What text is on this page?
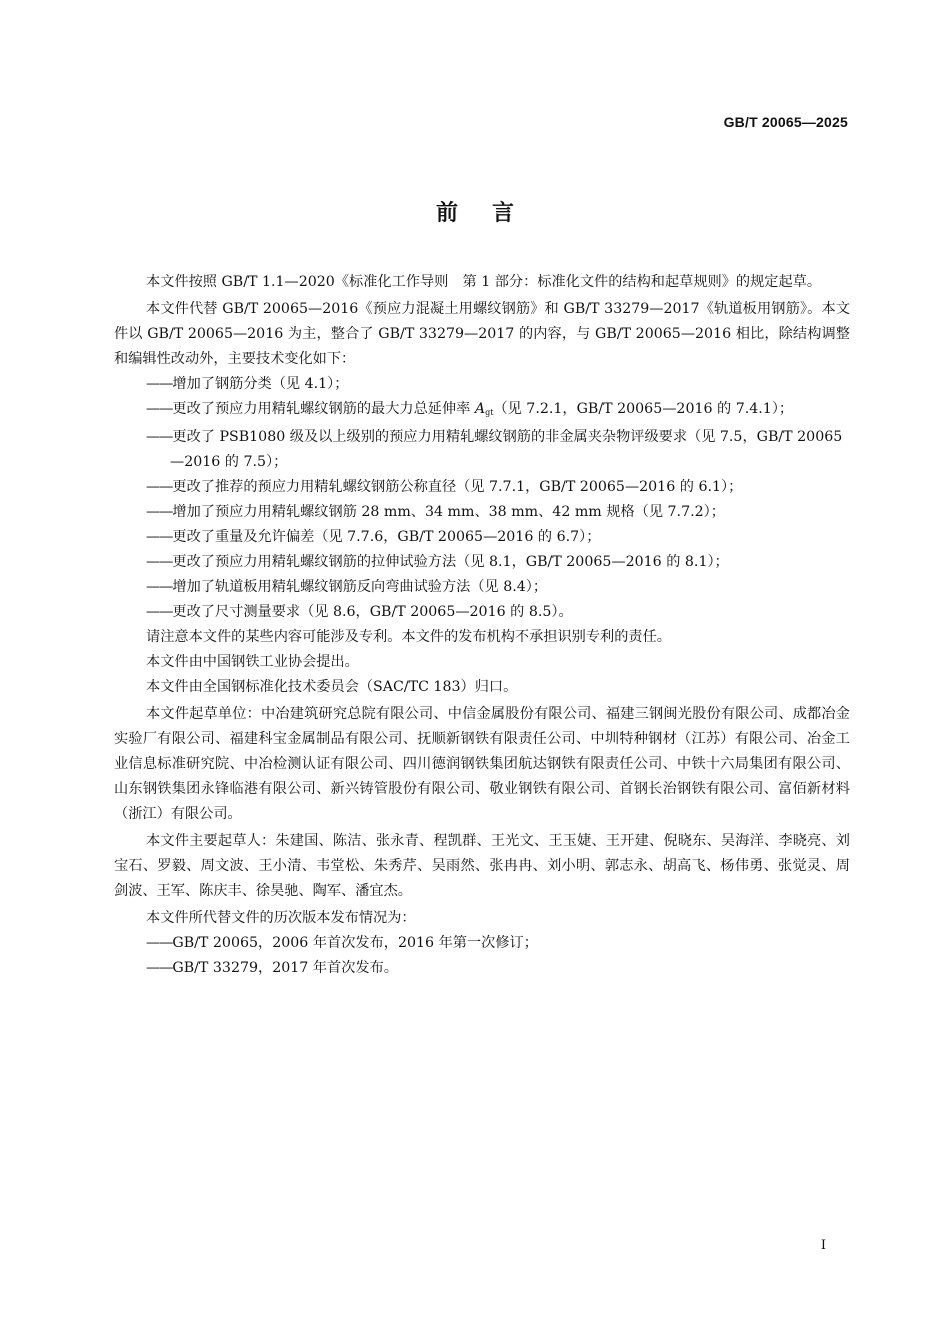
GB/T 20065—2025
前言

本文件按照 GB/T 1.1—2020《标准化工作导则　第 1 部分：标准化文件的结构和起草规则》的规定起草。

本文件代替 GB/T 20065—2016《预应力混凝土用螺纹钢筋》和 GB/T 33279—2017《轨道板用钢筋》。本文件以 GB/T 20065—2016 为主，整合了 GB/T 33279—2017 的内容，与 GB/T 20065—2016 相比，除结构调整和编辑性改动外，主要技术变化如下：

——增加了钢筋分类（见 4.1）；

——更改了预应力用精轧螺纹钢筋的最大力总延伸率 $A_{gt}$（见 7.2.1，GB/T 20065—2016 的 7.4.1）；

——更改了 PSB1080 级及以上级别的预应力用精轧螺纹钢筋的非金属夹杂物评级要求（见 7.5，GB/T 20065—2016 的 7.5）；

——更改了推荐的预应力用精轧螺纹钢筋公称直径（见 7.7.1，GB/T 20065—2016 的 6.1）；

——增加了预应力用精轧螺纹钢筋 28 mm、34 mm、38 mm、42 mm 规格（见 7.7.2）；

——更改了重量及允许偏差（见 7.7.6，GB/T 20065—2016 的 6.7）；

——更改了预应力用精轧螺纹钢筋的拉伸试验方法（见 8.1，GB/T 20065—2016 的 8.1）；

——增加了轨道板用精轧螺纹钢筋反向弯曲试验方法（见 8.4）；

——更改了尺寸测量要求（见 8.6，GB/T 20065—2016 的 8.5）。

请注意本文件的某些内容可能涉及专利。本文件的发布机构不承担识别专利的责任。

本文件由中国钢铁工业协会提出。

本文件由全国钢标准化技术委员会（SAC/TC 183）归口。

本文件起草单位：中冶建筑研究总院有限公司、中信金属股份有限公司、福建三钢闽光股份有限公司、成都冶金实验厂有限公司、福建科宝金属制品有限公司、抚顺新钢铁有限责任公司、中圳特种钢材（江苏）有限公司、冶金工业信息标准研究院、中冶检测认证有限公司、四川德润钢铁集团航达钢铁有限责任公司、中铁十六局集团有限公司、山东钢铁集团永锋临港有限公司、新兴铸管股份有限公司、敬业钢铁有限公司、首钢长治钢铁有限公司、富佰新材料（浙江）有限公司。

本文件主要起草人：朱建国、陈洁、张永青、程凯群、王光文、王玉婕、王开建、倪晓东、吴海洋、李晓亮、刘宝石、罗毅、周文波、王小清、韦堂松、朱秀芹、吴雨然、张冉冉、刘小明、郭志永、胡高飞、杨伟勇、张觉灵、周剑波、王军、陈庆丰、徐昊驰、陶军、潘宜杰。

本文件所代替文件的历次版本发布情况为：

——GB/T 20065，2006 年首次发布，2016 年第一次修订；

——GB/T 33279，2017 年首次发布。

I
